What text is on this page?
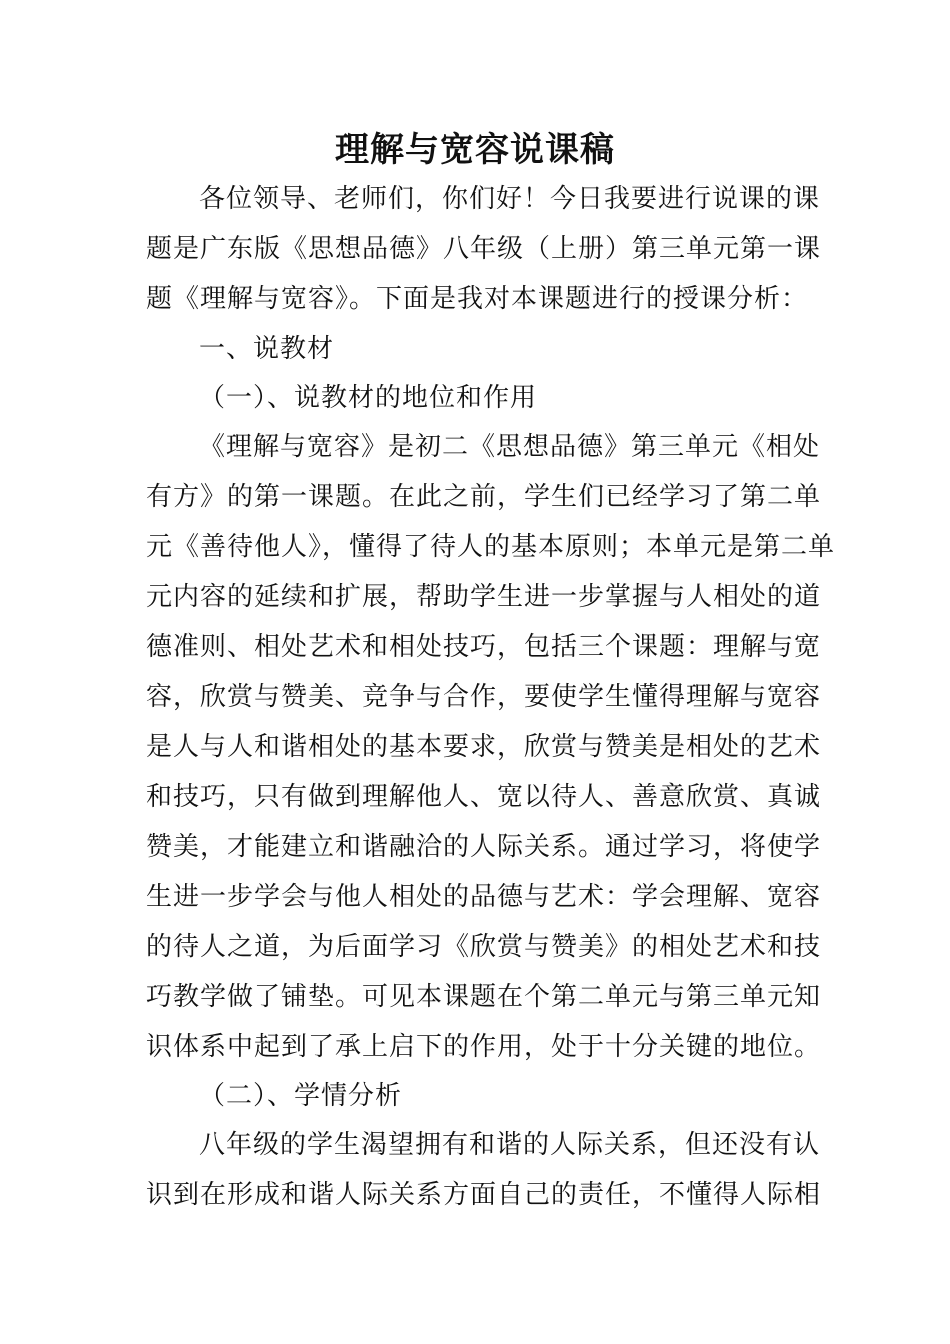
理解与宽容说课稿
各位领导、老师们，你们好！今日我要进行说课的课
题是广东版《思想品德》八年级（上册）第三单元第一课
题《理解与宽容》。下面是我对本课题进行的授课分析：
一、说教材
（一）、说教材的地位和作用
《理解与宽容》是初二《思想品德》第三单元《相处
有方》的第一课题。在此之前，学生们已经学习了第二单
元《善待他人》，懂得了待人的基本原则；本单元是第二单
元内容的延续和扩展，帮助学生进一步掌握与人相处的道
德准则、相处艺术和相处技巧，包括三个课题：理解与宽
容，欣赏与赞美、竞争与合作，要使学生懂得理解与宽容
是人与人和谐相处的基本要求，欣赏与赞美是相处的艺术
和技巧，只有做到理解他人、宽以待人、善意欣赏、真诚
赞美，才能建立和谐融洽的人际关系。通过学习，将使学
生进一步学会与他人相处的品德与艺术：学会理解、宽容
的待人之道，为后面学习《欣赏与赞美》的相处艺术和技
巧教学做了铺垫。可见本课题在个第二单元与第三单元知
识体系中起到了承上启下的作用，处于十分关键的地位。
（二）、学情分析
八年级的学生渴望拥有和谐的人际关系，但还没有认
识到在形成和谐人际关系方面自己的责任，不懂得人际相
